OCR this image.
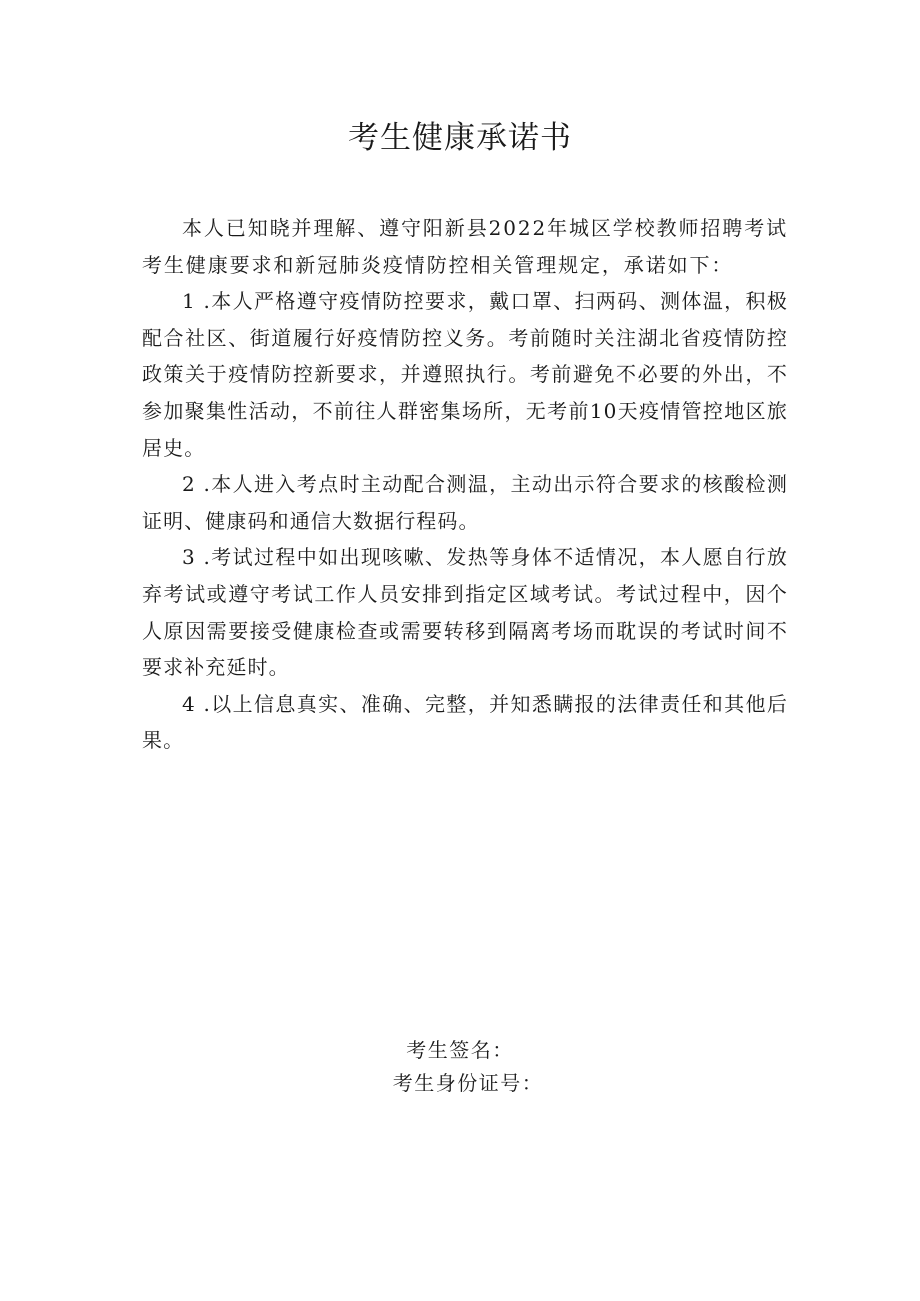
考生健康承诺书

本人已知晓并理解、遵守阳新县2022年城区学校教师招聘考试考生健康要求和新冠肺炎疫情防控相关管理规定，承诺如下：

1 .本人严格遵守疫情防控要求，戴口罩、扫两码、测体温，积极配合社区、街道履行好疫情防控义务。考前随时关注湖北省疫情防控政策关于疫情防控新要求，并遵照执行。考前避免不必要的外出，不参加聚集性活动，不前往人群密集场所，无考前10天疫情管控地区旅居史。

2 .本人进入考点时主动配合测温，主动出示符合要求的核酸检测证明、健康码和通信大数据行程码。

3 .考试过程中如出现咳嗽、发热等身体不适情况，本人愿自行放弃考试或遵守考试工作人员安排到指定区域考试。考试过程中，因个人原因需要接受健康检查或需要转移到隔离考场而耽误的考试时间不要求补充延时。

4 .以上信息真实、准确、完整，并知悉瞒报的法律责任和其他后果。

考生签名：
考生身份证号：
